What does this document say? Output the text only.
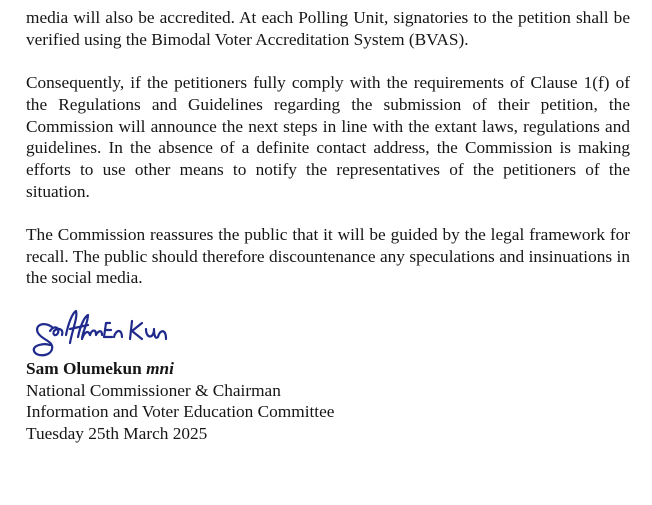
media will also be accredited. At each Polling Unit, signatories to the petition shall be verified using the Bimodal Voter Accreditation System (BVAS).

Consequently, if the petitioners fully comply with the requirements of Clause 1(f) of the Regulations and Guidelines regarding the submission of their petition, the Commission will announce the next steps in line with the extant laws, regulations and guidelines. In the absence of a definite contact address, the Commission is making efforts to use other means to notify the representatives of the petitioners of the situation.

The Commission reassures the public that it will be guided by the legal framework for recall. The public should therefore discountenance any speculations and insinuations in the social media.

Sam Olumekun mni
National Commissioner & Chairman
Information and Voter Education Committee
Tuesday 25th March 2025
